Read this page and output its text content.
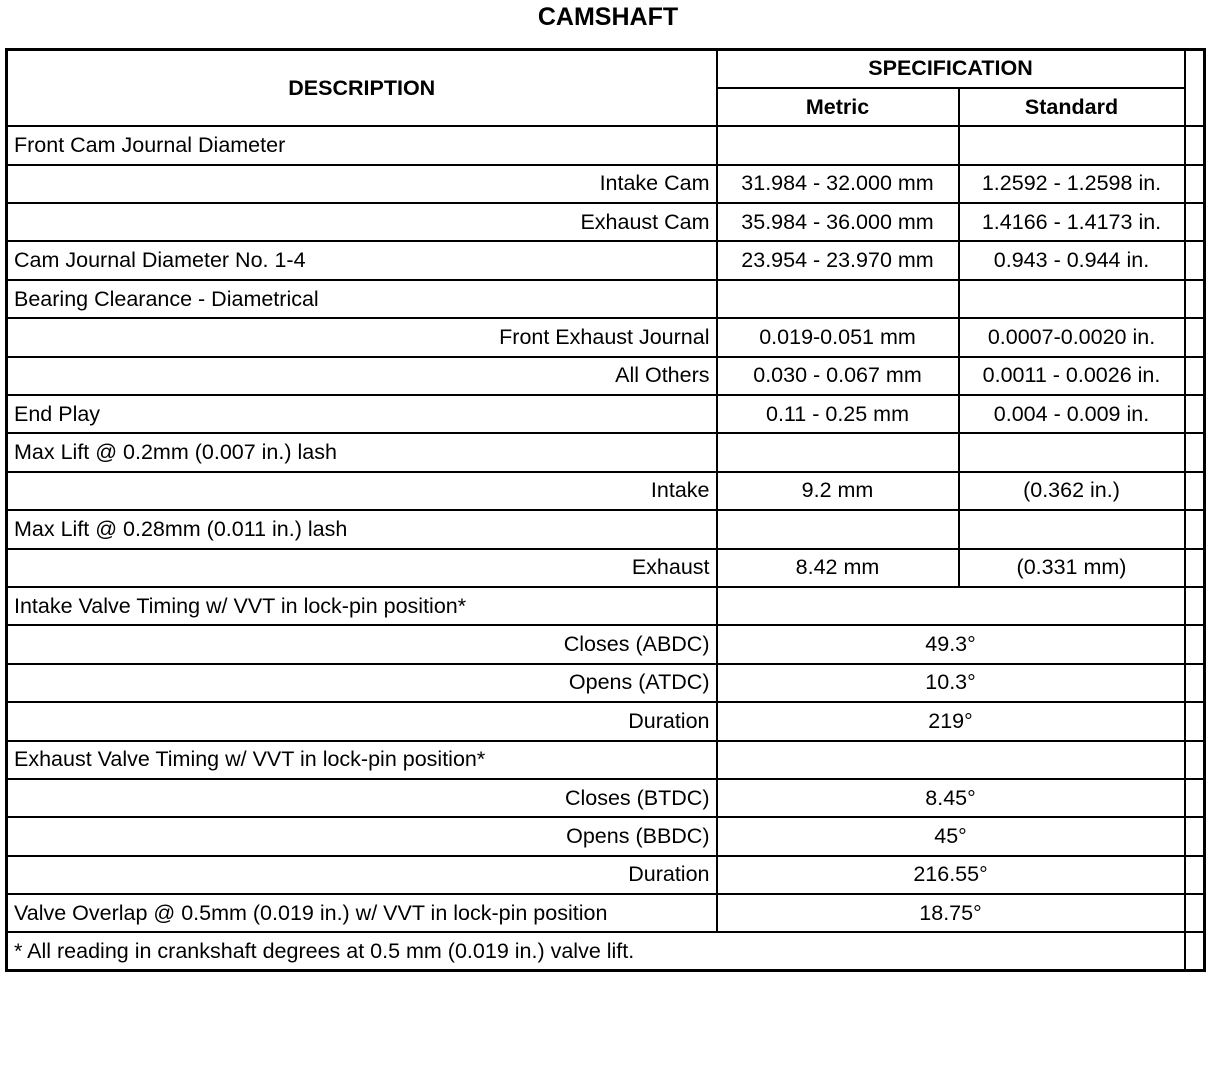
CAMSHAFT
DESCRIPTION	SPECIFICATION		
	Metric	Standard	
Front Cam Journal Diameter			
Intake Cam	31.984 - 32.000 mm	1.2592 - 1.2598 in.	
Exhaust Cam	35.984 - 36.000 mm	1.4166 - 1.4173 in.	
Cam Journal Diameter No. 1-4	23.954 - 23.970 mm	0.943 - 0.944 in.	
Bearing Clearance - Diametrical			
Front Exhaust Journal	0.019-0.051 mm	0.0007-0.0020 in.	
All Others	0.030 - 0.067 mm	0.0011 - 0.0026 in.	
End Play	0.11 - 0.25 mm	0.004 - 0.009 in.	
Max Lift @ 0.2mm (0.007 in.) lash			
Intake	9.2 mm	(0.362 in.)	
Max Lift @ 0.28mm (0.011 in.) lash			
Exhaust	8.42 mm	(0.331 mm)	
Intake Valve Timing w/ VVT in lock-pin position*			
Closes (ABDC)	49.3°		
Opens (ATDC)	10.3°		
Duration	219°		
Exhaust Valve Timing w/ VVT in lock-pin position*			
Closes (BTDC)	8.45°		
Opens (BBDC)	45°		
Duration	216.55°		
Valve Overlap @ 0.5mm (0.019 in.) w/ VVT in lock-pin position	18.75°		
* All reading in crankshaft degrees at 0.5 mm (0.019 in.) valve lift.			
